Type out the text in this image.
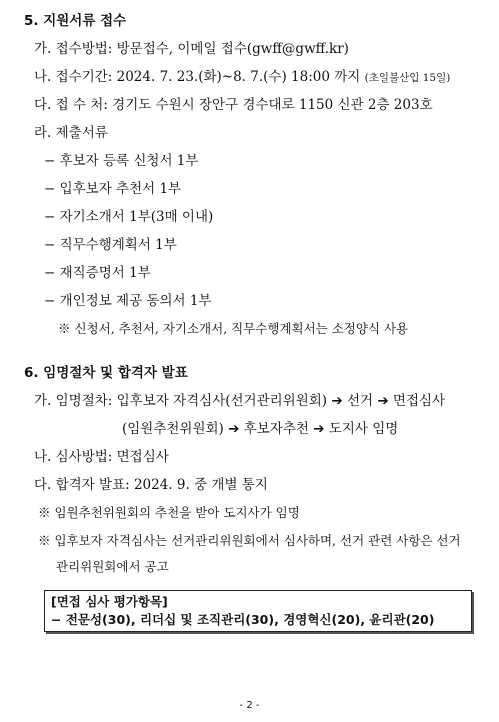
5. 지원서류 접수
가. 접수방법: 방문접수, 이메일 접수(gwff@gwff.kr)
나. 접수기간: 2024. 7. 23.(화)~8. 7.(수) 18:00 까지 (초일불산입 15일)
다. 접 수 처: 경기도 수원시 장안구 경수대로 1150 신관 2층 203호
라. 제출서류
− 후보자 등록 신청서 1부
− 입후보자 추천서 1부
− 자기소개서 1부(3매 이내)
− 직무수행계획서 1부
− 재직증명서 1부
− 개인정보 제공 동의서 1부
※ 신청서, 추천서, 자기소개서, 직무수행계획서는 소정양식 사용
6. 임명절차 및 합격자 발표
가. 임명절차: 입후보자 자격심사(선거관리위원회) ➔ 선거 ➔ 면접심사
(임원추천위원회) ➔ 후보자추천 ➔ 도지사 임명
나. 심사방법: 면접심사
다. 합격자 발표: 2024. 9. 중 개별 통지
※ 임원추천위원회의 추천을 받아 도지사가 임명
※ 입후보자 자격심사는 선거관리위원회에서 심사하며, 선거 관련 사항은 선거
관리위원회에서 공고
[면접 심사 평가항목]
− 전문성(30), 리더십 및 조직관리(30), 경영혁신(20), 윤리관(20)
- 2 -
